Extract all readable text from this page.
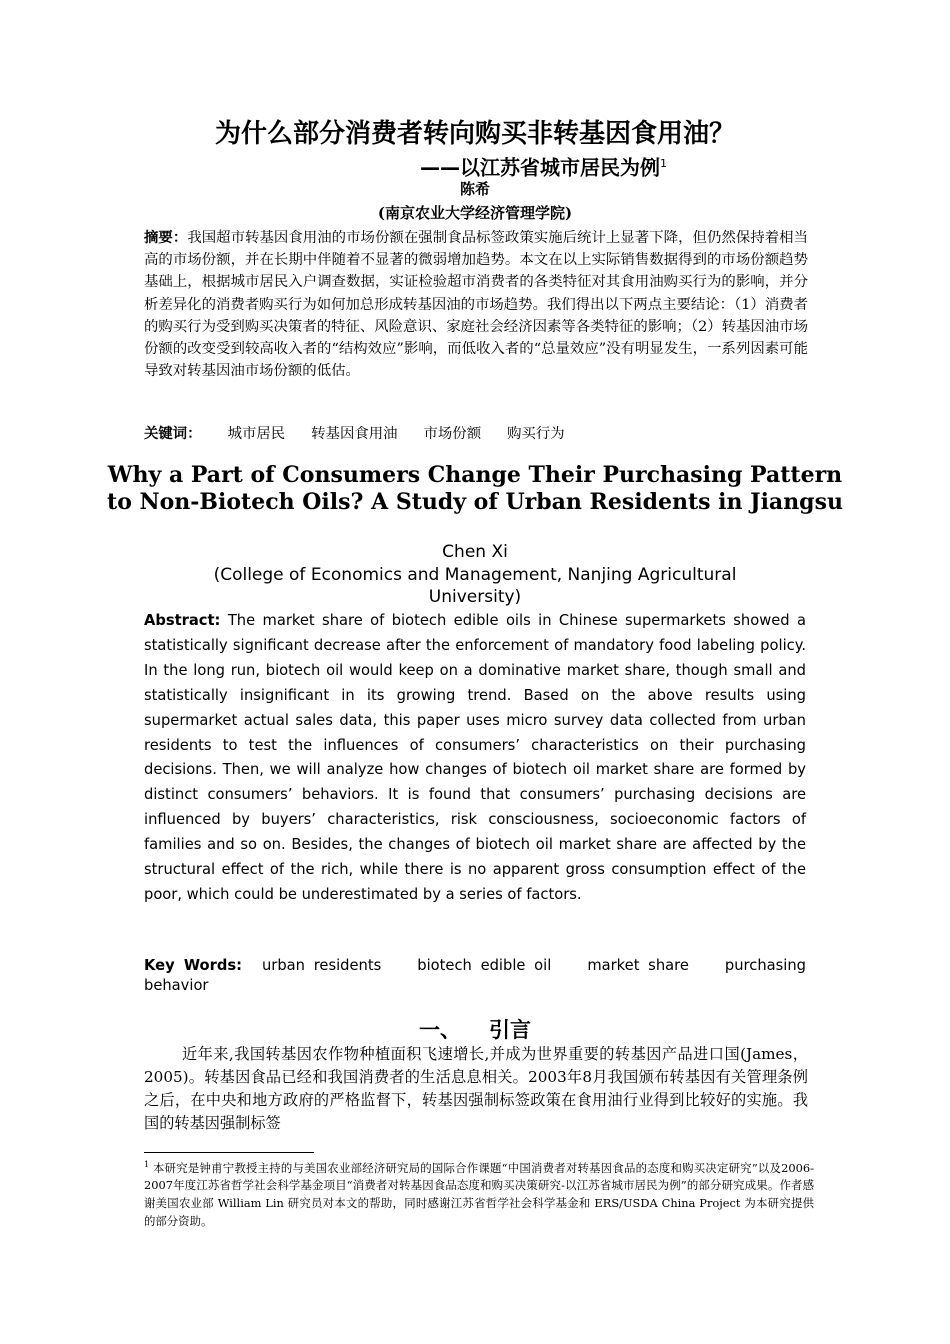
为什么部分消费者转向购买非转基因食用油？
——以江苏省城市居民为例$^1$
陈希
(南京农业大学经济管理学院)
摘要：我国超市转基因食用油的市场份额在强制食品标签政策实施后统计上显著下降，但仍然保持着相当高的市场份额，并在长期中伴随着不显著的微弱增加趋势。本文在以上实际销售数据得到的市场份额趋势基础上，根据城市居民入户调查数据，实证检验超市消费者的各类特征对其食用油购买行为的影响，并分析差异化的消费者购买行为如何加总形成转基因油的市场趋势。我们得出以下两点主要结论：（1）消费者的购买行为受到购买决策者的特征、风险意识、家庭社会经济因素等各类特征的影响；（2）转基因油市场份额的改变受到较高收入者的“结构效应”影响，而低收入者的“总量效应”没有明显发生，一系列因素可能导致对转基因油市场份额的低估。
关键词： 城市居民 转基因食用油 市场份额 购买行为
Why a Part of Consumers Change Their Purchasing Pattern to Non-Biotech Oils? A Study of Urban Residents in Jiangsu
Chen Xi
(College of Economics and Management, Nanjing Agricultural University)
Abstract: The market share of biotech edible oils in Chinese supermarkets showed a statistically significant decrease after the enforcement of mandatory food labeling policy. In the long run, biotech oil would keep on a dominative market share, though small and statistically insignificant in its growing trend. Based on the above results using supermarket actual sales data, this paper uses micro survey data collected from urban residents to test the influences of consumers’ characteristics on their purchasing decisions. Then, we will analyze how changes of biotech oil market share are formed by distinct consumers’ behaviors. It is found that consumers’ purchasing decisions are influenced by buyers’ characteristics, risk consciousness, socioeconomic factors of families and so on. Besides, the changes of biotech oil market share are affected by the structural effect of the rich, while there is no apparent gross consumption effect of the poor, which could be underestimated by a series of factors.
Key Words: urban residents biotech edible oil market share purchasing behavior
一、 引言
近年来,我国转基因农作物种植面积飞速增长,并成为世界重要的转基因产品进口国(James，2005)。转基因食品已经和我国消费者的生活息息相关。2003年8月我国颁布转基因有关管理条例之后，在中央和地方政府的严格监督下，转基因强制标签政策在食用油行业得到比较好的实施。我国的转基因强制标签
$^1$ 本研究是钟甫宁教授主持的与美国农业部经济研究局的国际合作课题“中国消费者对转基因食品的态度和购买决定研究”以及2006-2007年度江苏省哲学社会科学基金项目“消费者对转基因食品态度和购买决策研究-以江苏省城市居民为例”的部分研究成果。作者感谢美国农业部 William Lin 研究员对本文的帮助，同时感谢江苏省哲学社会科学基金和 ERS/USDA China Project 为本研究提供的部分资助。
